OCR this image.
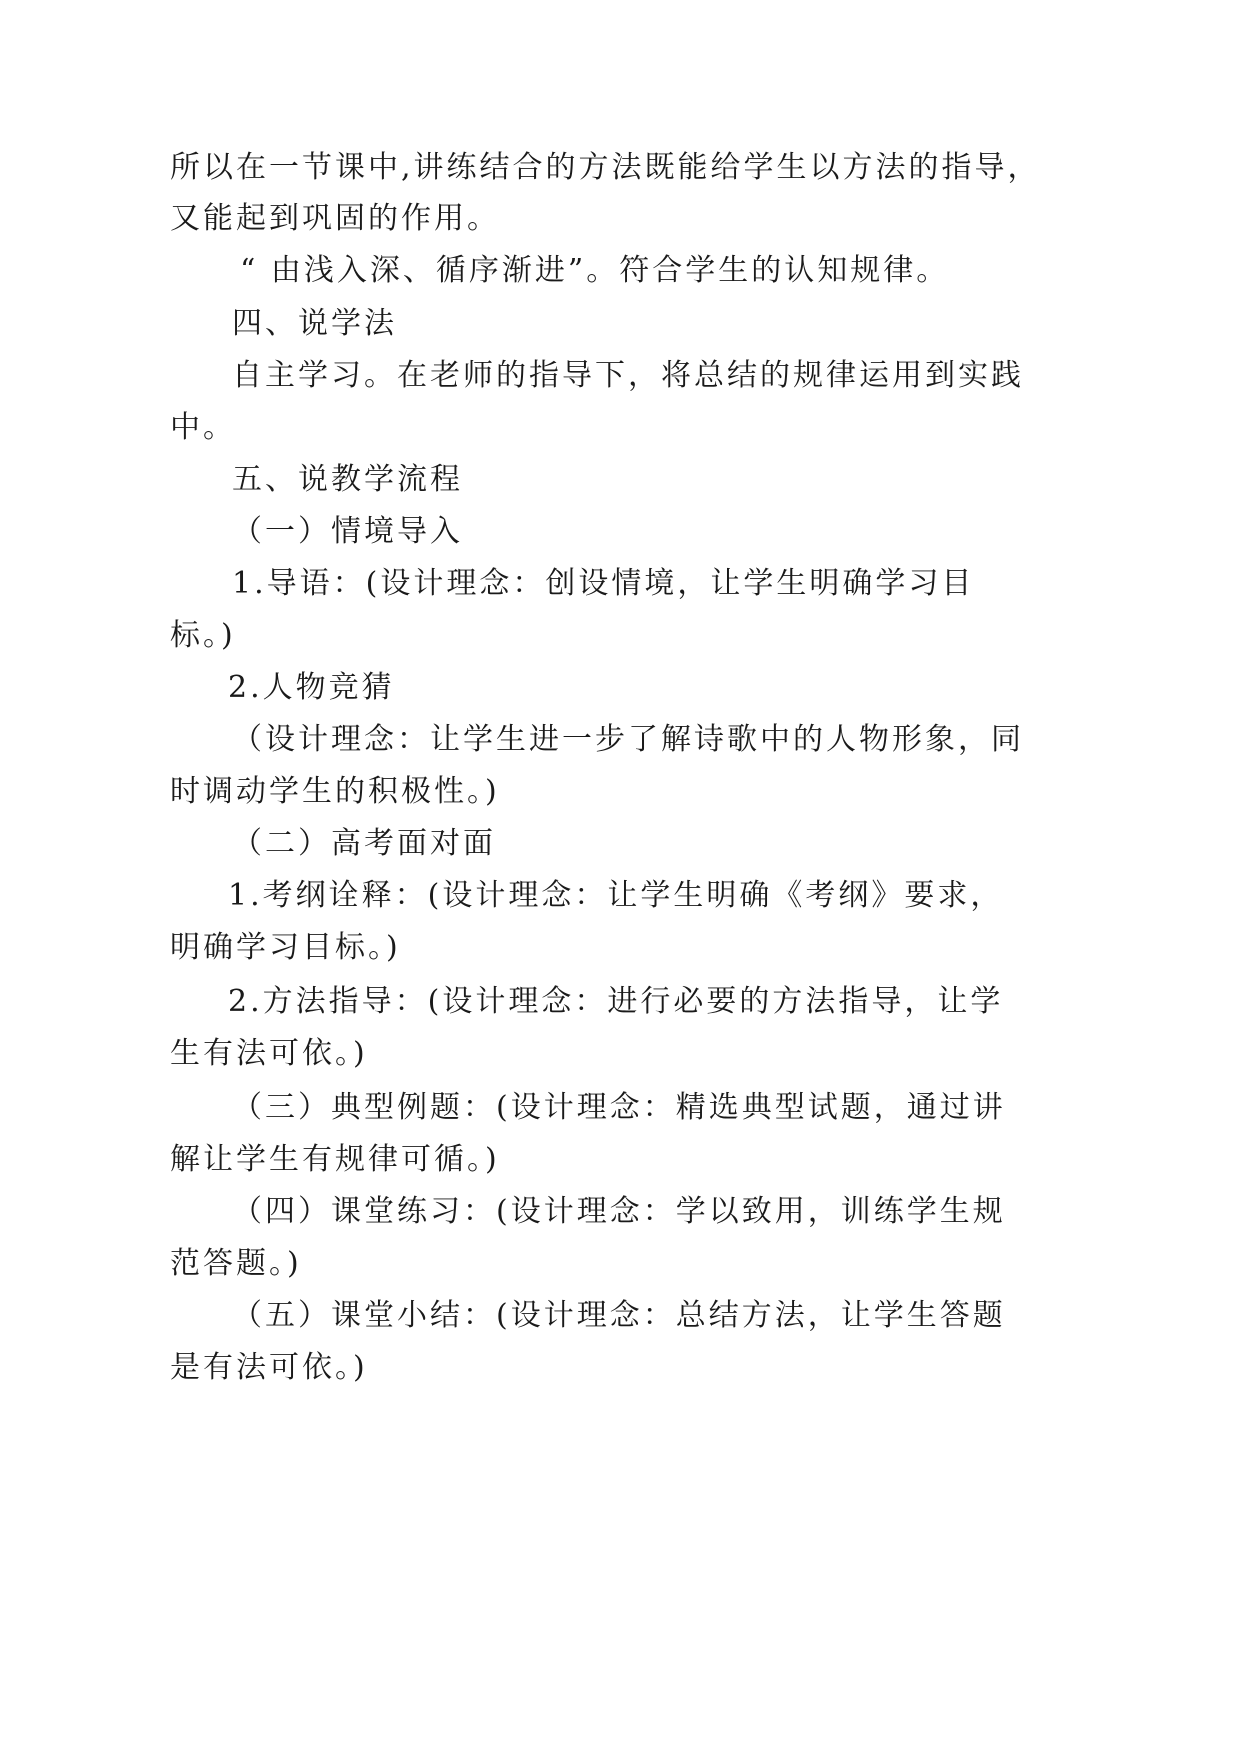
所以在一节课中,讲练结合的方法既能给学生以方法的指导，
又能起到巩固的作用。
“ 由浅入深、循序渐进”。符合学生的认知规律。
四、说学法
自主学习。在老师的指导下，将总结的规律运用到实践
中。
五、说教学流程
（一）情境导入
1.导语：(设计理念：创设情境，让学生明确学习目
标。)
2.人物竞猜
（设计理念：让学生进一步了解诗歌中的人物形象，同
时调动学生的积极性。)
（二）高考面对面
1.考纲诠释：(设计理念：让学生明确《考纲》要求，
明确学习目标。)
2.方法指导：(设计理念：进行必要的方法指导，让学
生有法可依。)
（三）典型例题：(设计理念：精选典型试题，通过讲
解让学生有规律可循。)
（四）课堂练习：(设计理念：学以致用，训练学生规
范答题。)
（五）课堂小结：(设计理念：总结方法，让学生答题
是有法可依。)
